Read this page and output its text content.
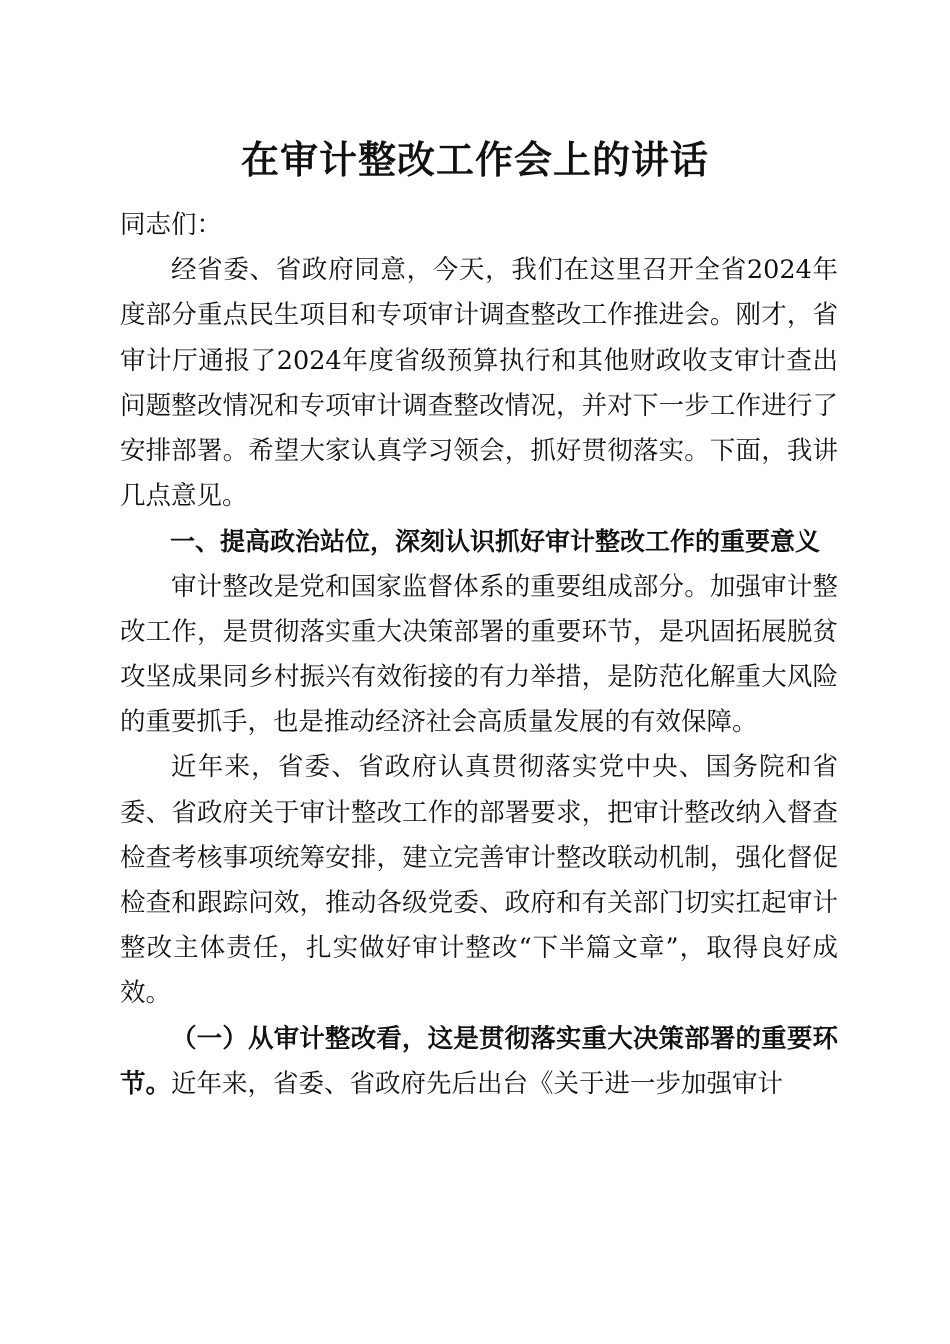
在审计整改工作会上的讲话

同志们：

经省委、省政府同意，今天，我们在这里召开全省2024年度部分重点民生项目和专项审计调查整改工作推进会。刚才，省审计厅通报了2024年度省级预算执行和其他财政收支审计查出问题整改情况和专项审计调查整改情况，并对下一步工作进行了安排部署。希望大家认真学习领会，抓好贯彻落实。下面，我讲几点意见。

一、提高政治站位，深刻认识抓好审计整改工作的重要意义

审计整改是党和国家监督体系的重要组成部分。加强审计整改工作，是贯彻落实重大决策部署的重要环节，是巩固拓展脱贫攻坚成果同乡村振兴有效衔接的有力举措，是防范化解重大风险的重要抓手，也是推动经济社会高质量发展的有效保障。

近年来，省委、省政府认真贯彻落实党中央、国务院和省委、省政府关于审计整改工作的部署要求，把审计整改纳入督查检查考核事项统筹安排，建立完善审计整改联动机制，强化督促检查和跟踪问效，推动各级党委、政府和有关部门切实扛起审计整改主体责任，扎实做好审计整改“下半篇文章”，取得良好成效。

（一）从审计整改看，这是贯彻落实重大决策部署的重要环节。近年来，省委、省政府先后出台《关于进一步加强审计
